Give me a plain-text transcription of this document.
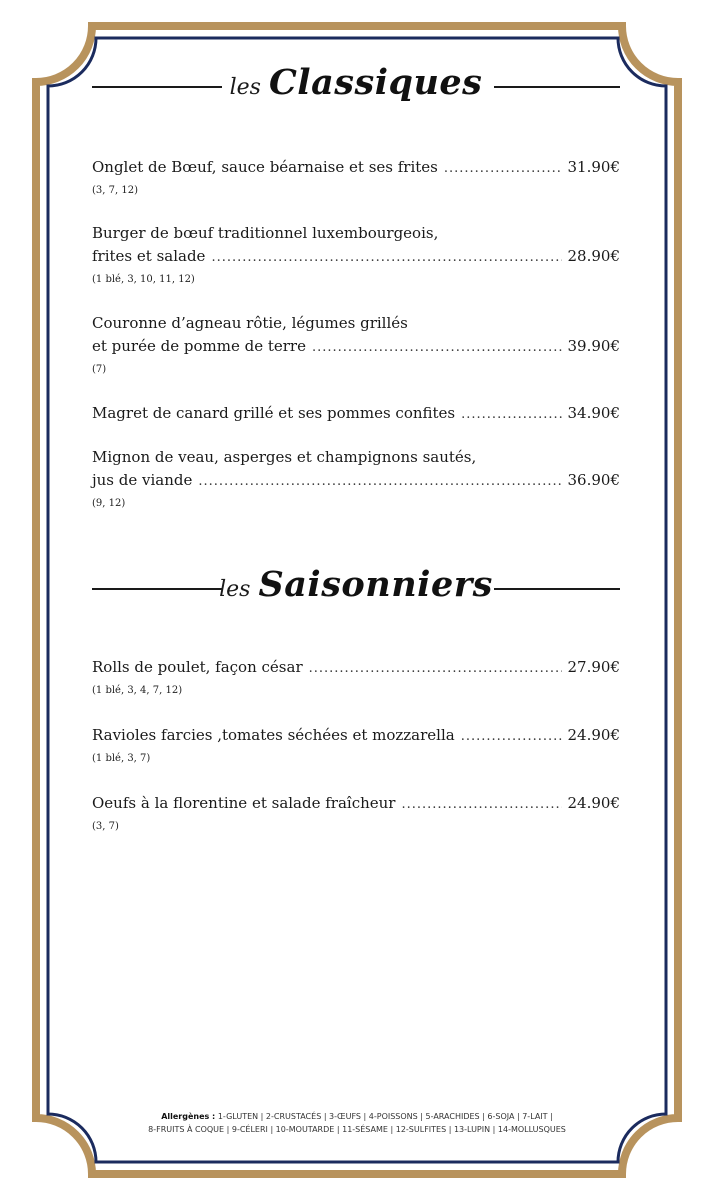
les Classiques
Onglet de Bœuf, sauce béarnaise et ses frites .....	31.90€
(3, 7, 12)
Burger de bœuf traditionnel luxembourgeois,
frites et salade .....	28.90€
(1 blé, 3, 10, 11, 12)
Couronne d’agneau rôtie, légumes grillés
et purée de pomme de terre .....	39.90€
(7)
Magret de canard grillé et ses pommes confites .....	34.90€
Mignon de veau, asperges et champignons sautés,
jus de viande .....	36.90€
(9, 12)
les Saisonniers
Rolls de poulet, façon césar .....	27.90€
(1 blé, 3, 4, 7, 12)
Ravioles farcies ,tomates séchées et mozzarella .....	24.90€
(1 blé, 3, 7)
Oeufs à la florentine et salade fraîcheur .....	24.90€
(3, 7)
Allergènes : 1-GLUTEN | 2-CRUSTACÉS | 3-ŒUFS | 4-POISSONS | 5-ARACHIDES | 6-SOJA | 7-LAIT |
8-FRUITS À COQUE | 9-CÉLERI | 10-MOUTARDE | 11-SÉSAME | 12-SULFITES | 13-LUPIN | 14-MOLLUSQUES
